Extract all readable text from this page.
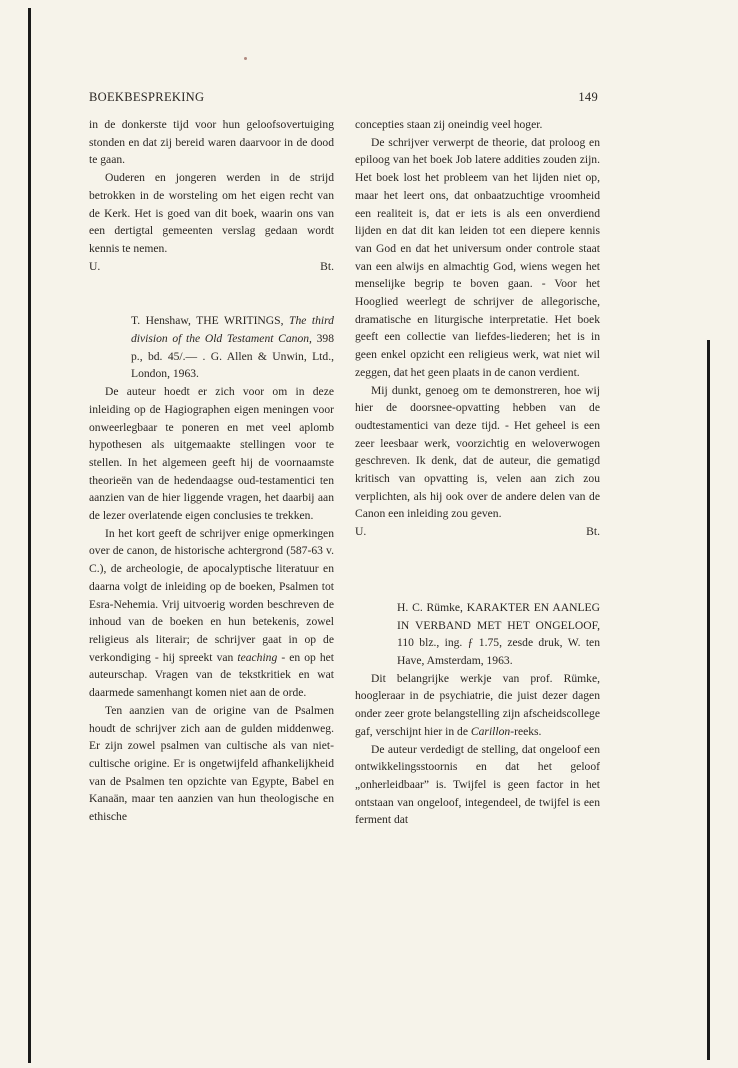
BOEKBESPREKING	149

in de donkerste tijd voor hun geloofsovertuiging stonden en dat zij bereid waren daarvoor in de dood te gaan.

Ouderen en jongeren werden in de strijd betrokken in de worsteling om het eigen recht van de Kerk. Het is goed van dit boek, waarin ons van een dertigtal gemeenten verslag gedaan wordt kennis te nemen.

U.	Bt.

T. Henshaw, THE WRITINGS, The third division of the Old Testament Canon, 398 p., bd. 45/.— . G. Allen & Unwin, Ltd., London, 1963.

De auteur hoedt er zich voor om in deze inleiding op de Hagiographen eigen meningen voor onweerlegbaar te poneren en met veel aplomb hypothesen als uitgemaakte stellingen voor te stellen. In het algemeen geeft hij de voornaamste theorieën van de hedendaagse oud-testamentici ten aanzien van de hier liggende vragen, het daarbij aan de lezer overlatende eigen conclusies te trekken.

In het kort geeft de schrijver enige opmerkingen over de canon, de historische achtergrond (587-63 v. C.), de archeologie, de apocalyptische literatuur en daarna volgt de inleiding op de boeken, Psalmen tot Esra-Nehemia. Vrij uitvoerig worden beschreven de inhoud van de boeken en hun betekenis, zowel religieus als literair; de schrijver gaat in op de verkondiging - hij spreekt van teaching - en op het auteurschap. Vragen van de tekstkritiek en wat daarmede samenhangt komen niet aan de orde.

Ten aanzien van de origine van de Psalmen houdt de schrijver zich aan de gulden middenweg. Er zijn zowel psalmen van cultische als van niet-cultische origine. Er is ongetwijfeld afhankelijkheid van de Psalmen ten opzichte van Egypte, Babel en Kanaän, maar ten aanzien van hun theologische en ethische

concepties staan zij oneindig veel hoger.

De schrijver verwerpt de theorie, dat proloog en epiloog van het boek Job latere addities zouden zijn. Het boek lost het probleem van het lijden niet op, maar het leert ons, dat onbaatzuchtige vroomheid een realiteit is, dat er iets is als een onverdiend lijden en dat dit kan leiden tot een diepere kennis van God en dat het universum onder controle staat van een alwijs en almachtig God, wiens wegen het menselijke begrip te boven gaan. - Voor het Hooglied weerlegt de schrijver de allegorische, dramatische en liturgische interpretatie. Het boek geeft een collectie van liefdes-liederen; het is in geen enkel opzicht een religieus werk, wat niet wil zeggen, dat het geen plaats in de canon verdient.

Mij dunkt, genoeg om te demonstreren, hoe wij hier de doorsnee-opvatting hebben van de oudtestamentici van deze tijd. - Het geheel is een zeer leesbaar werk, voorzichtig en weloverwogen geschreven. Ik denk, dat de auteur, die gematigd kritisch van opvatting is, velen aan zich zou verplichten, als hij ook over de andere delen van de Canon een inleiding zou geven.

U.	Bt.

H. C. Rümke, KARAKTER EN AANLEG IN VERBAND MET HET ONGELOOF, 110 blz., ing. ƒ 1.75, zesde druk, W. ten Have, Amsterdam, 1963.

Dit belangrijke werkje van prof. Rümke, hoogleraar in de psychiatrie, die juist dezer dagen onder zeer grote belangstelling zijn afscheidscollege gaf, verschijnt hier in de Carillon-reeks.

De auteur verdedigt de stelling, dat ongeloof een ontwikkelingsstoornis en dat het geloof „onherleidbaar” is. Twijfel is geen factor in het ontstaan van ongeloof, integendeel, de twijfel is een ferment dat
